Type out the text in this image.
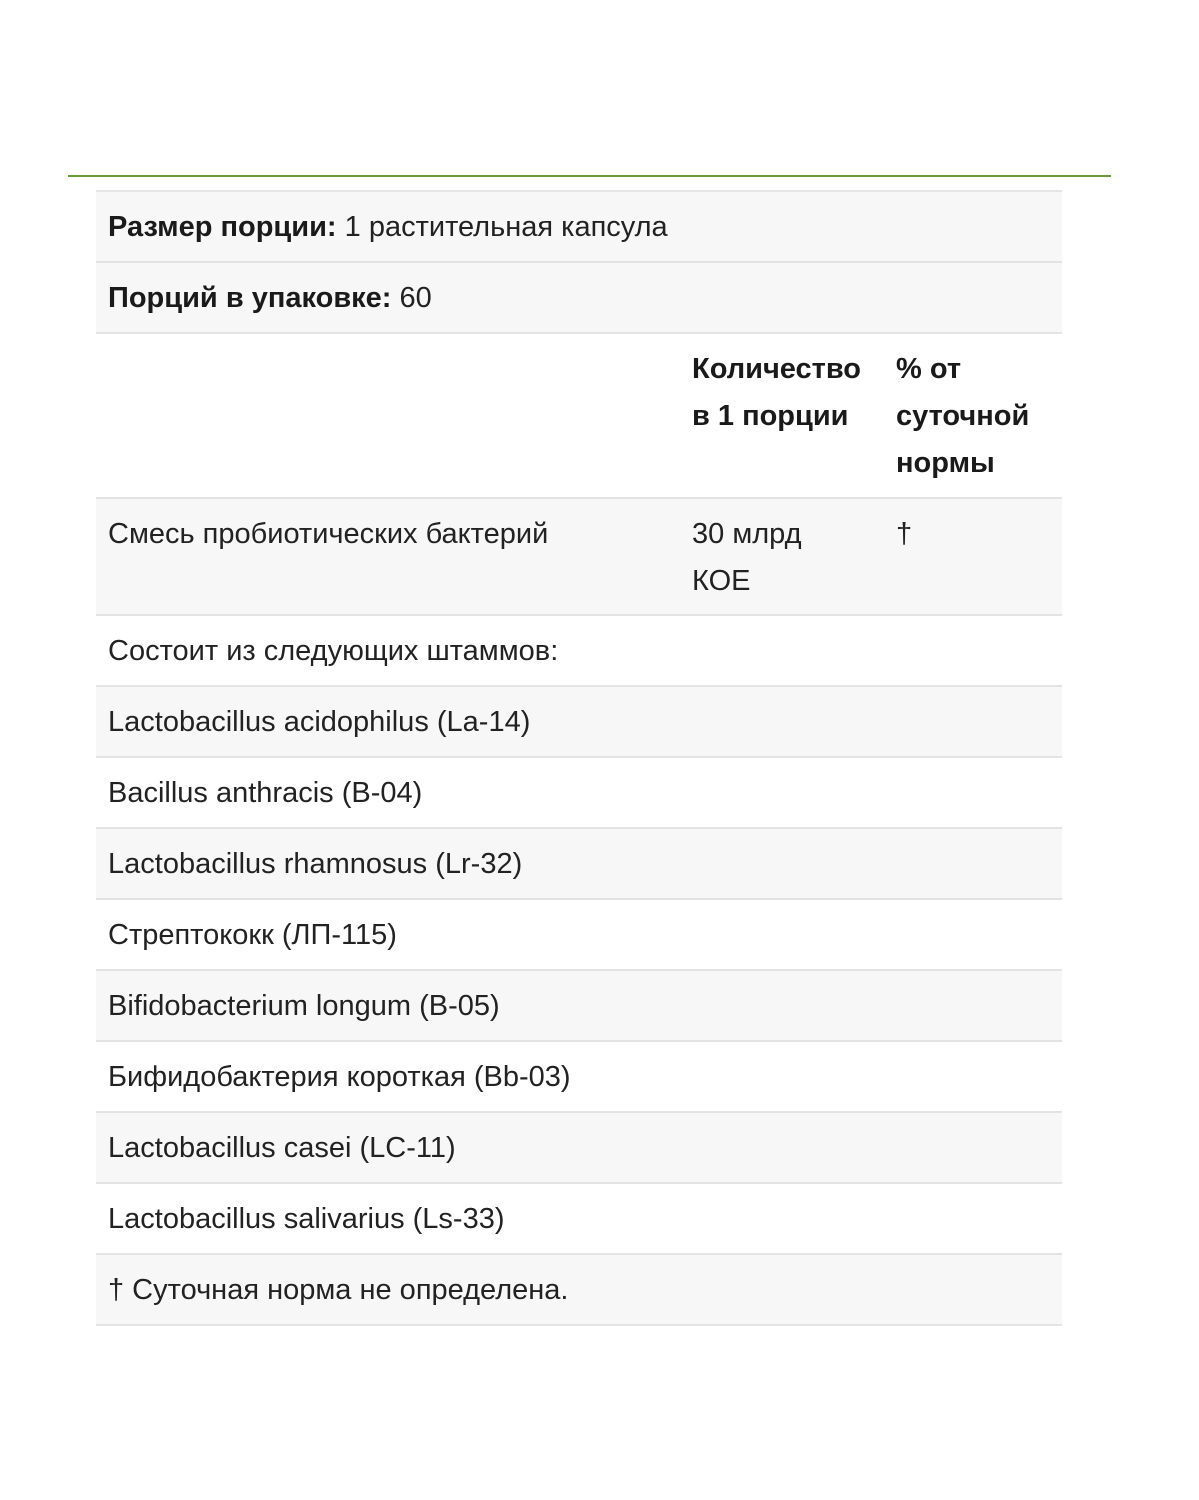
Размер порции: 1 растительная капсула
Порций в упаковке: 60
Количество
в 1 порции
% от
суточной
нормы
Смесь пробиотических бактерий	30 млрд
КОЕ
†
Состоит из следующих штаммов:
Lactobacillus acidophilus (La-14)
Bacillus anthracis (B-04)
Lactobacillus rhamnosus (Lr-32)
Стрептококк (ЛП-115)
Bifidobacterium longum (B-05)
Бифидобактерия короткая (Bb-03)
Lactobacillus casei (LC-11)
Lactobacillus salivarius (Ls-33)
† Суточная норма не определена.
